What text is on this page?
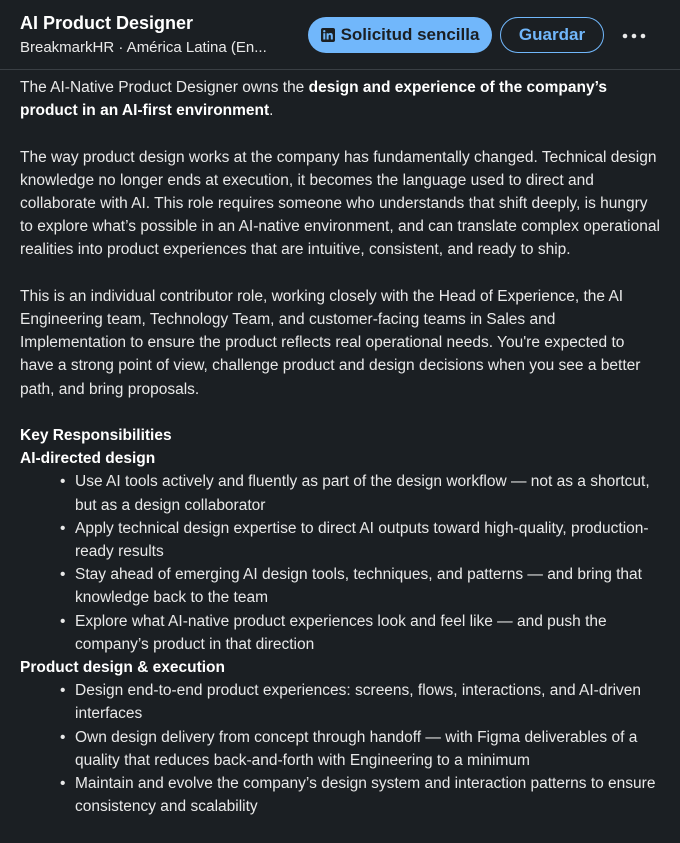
AI Product Designer
BreakmarkHR · América Latina (En...
Solicitud sencilla Guardar

The AI-Native Product Designer owns the design and experience of the company’s product in an AI-first environment.

The way product design works at the company has fundamentally changed. Technical design knowledge no longer ends at execution, it becomes the language used to direct and collaborate with AI. This role requires someone who understands that shift deeply, is hungry to explore what’s possible in an AI-native environment, and can translate complex operational realities into product experiences that are intuitive, consistent, and ready to ship.

This is an individual contributor role, working closely with the Head of Experience, the AI Engineering team, Technology Team, and customer-facing teams in Sales and Implementation to ensure the product reflects real operational needs. You're expected to have a strong point of view, challenge product and design decisions when you see a better path, and bring proposals.

Key Responsibilities
AI-directed design
• Use AI tools actively and fluently as part of the design workflow — not as a shortcut, but as a design collaborator
• Apply technical design expertise to direct AI outputs toward high-quality, production-ready results
• Stay ahead of emerging AI design tools, techniques, and patterns — and bring that knowledge back to the team
• Explore what AI-native product experiences look and feel like — and push the company’s product in that direction
Product design & execution
• Design end-to-end product experiences: screens, flows, interactions, and AI-driven interfaces
• Own design delivery from concept through handoff — with Figma deliverables of a quality that reduces back-and-forth with Engineering to a minimum
• Maintain and evolve the company’s design system and interaction patterns to ensure consistency and scalability
